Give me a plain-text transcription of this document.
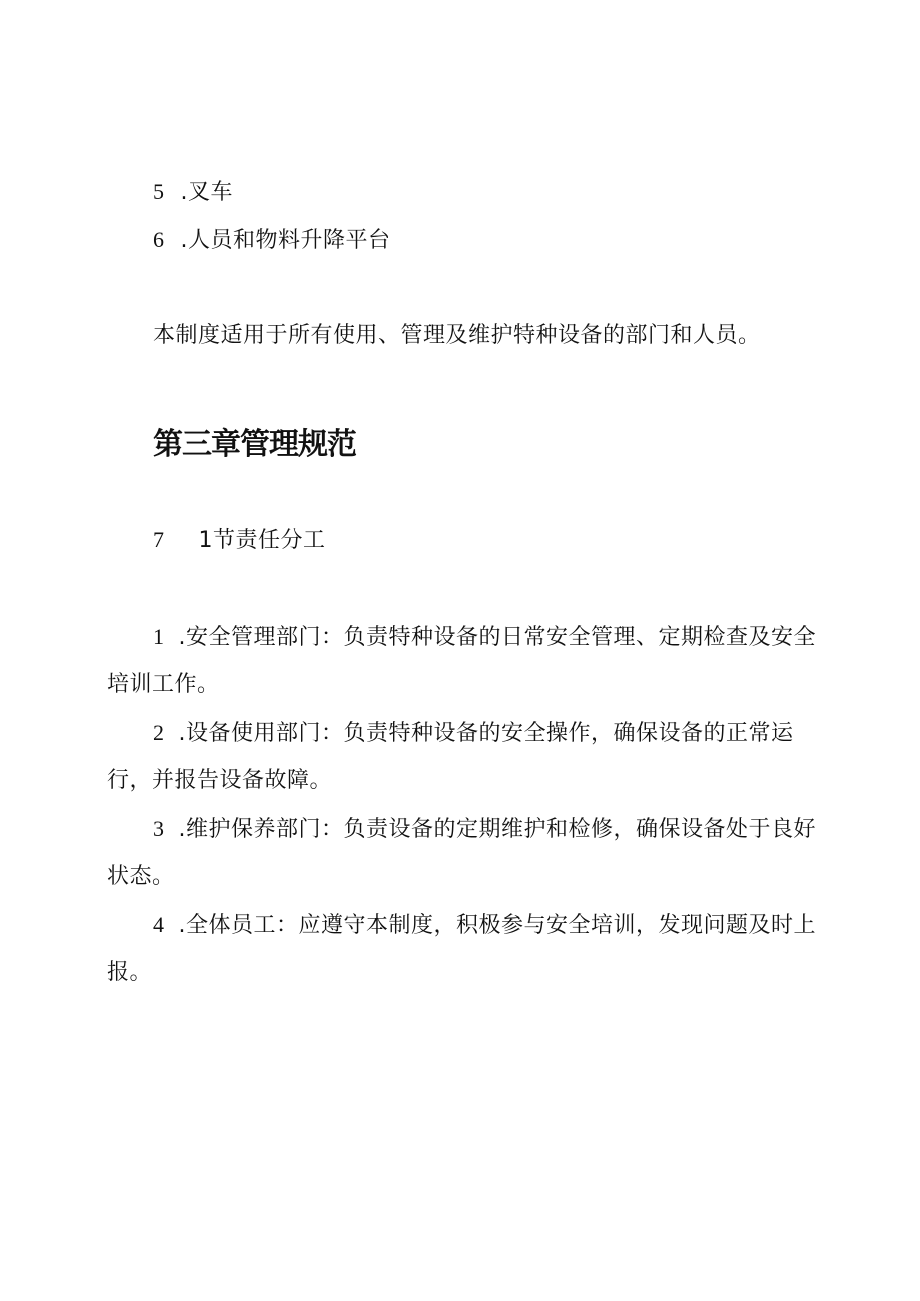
5 .叉车
6 .人员和物料升降平台
本制度适用于所有使用、管理及维护特种设备的部门和人员。
第三章管理规范
7 1节责任分工
1 .安全管理部门：负责特种设备的日常安全管理、定期检查及安全培训工作。
2 .设备使用部门：负责特种设备的安全操作，确保设备的正常运行，并报告设备故障。
3 .维护保养部门：负责设备的定期维护和检修，确保设备处于良好状态。
4 .全体员工：应遵守本制度，积极参与安全培训，发现问题及时上报。
